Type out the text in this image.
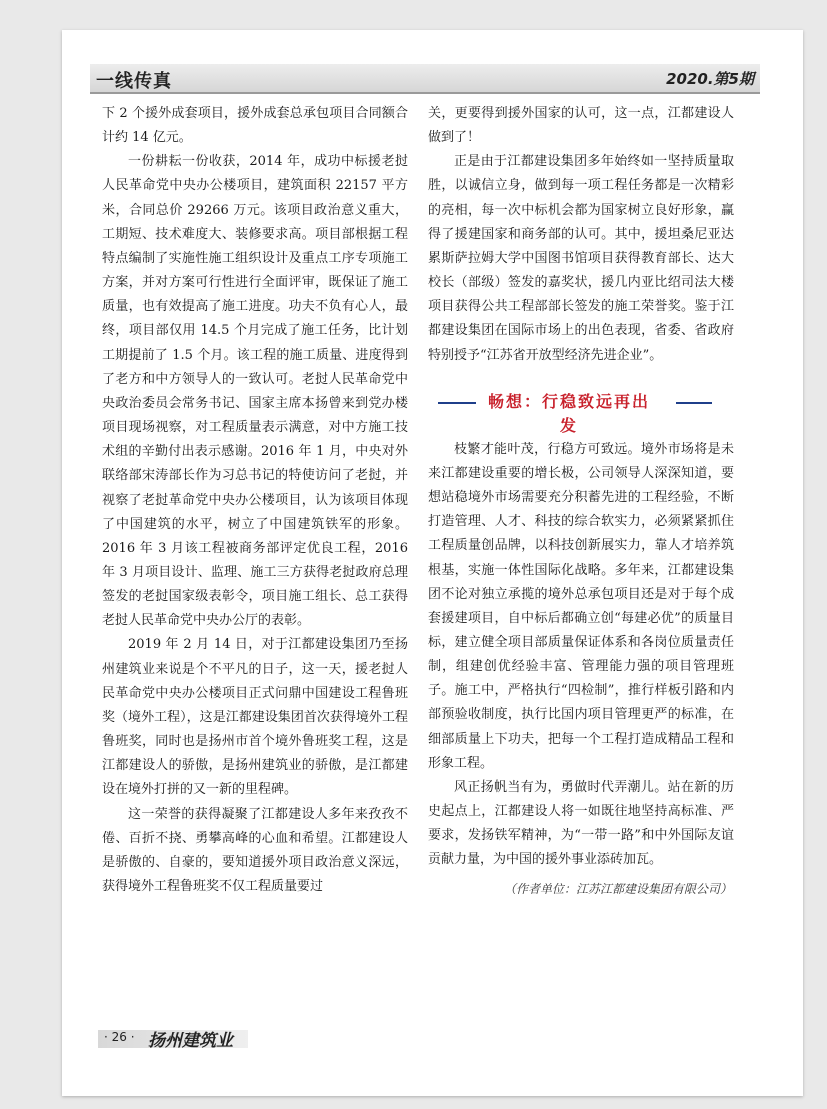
一线传真	2020.第5期

下 2 个援外成套项目，援外成套总承包项目合同额合计约 14 亿元。

一份耕耘一份收获，2014 年，成功中标援老挝人民革命党中央办公楼项目，建筑面积 22157 平方米，合同总价 29266 万元。该项目政治意义重大，工期短、技术难度大、装修要求高。项目部根据工程特点编制了实施性施工组织设计及重点工序专项施工方案，并对方案可行性进行全面评审，既保证了施工质量，也有效提高了施工进度。功夫不负有心人，最终，项目部仅用 14.5 个月完成了施工任务，比计划工期提前了 1.5 个月。该工程的施工质量、进度得到了老方和中方领导人的一致认可。老挝人民革命党中央政治委员会常务书记、国家主席本扬曾来到党办楼项目现场视察，对工程质量表示满意，对中方施工技术组的辛勤付出表示感谢。2016 年 1 月，中央对外联络部宋涛部长作为习总书记的特使访问了老挝，并视察了老挝革命党中央办公楼项目，认为该项目体现了中国建筑的水平，树立了中国建筑铁军的形象。2016 年 3 月该工程被商务部评定优良工程，2016 年 3 月项目设计、监理、施工三方获得老挝政府总理签发的老挝国家级表彰令，项目施工组长、总工获得老挝人民革命党中央办公厅的表彰。

2019 年 2 月 14 日，对于江都建设集团乃至扬州建筑业来说是个不平凡的日子，这一天，援老挝人民革命党中央办公楼项目正式问鼎中国建设工程鲁班奖（境外工程），这是江都建设集团首次获得境外工程鲁班奖，同时也是扬州市首个境外鲁班奖工程，这是江都建设人的骄傲，是扬州建筑业的骄傲，是江都建设在境外打拼的又一新的里程碑。

这一荣誉的获得凝聚了江都建设人多年来孜孜不倦、百折不挠、勇攀高峰的心血和希望。江都建设人是骄傲的、自豪的，要知道援外项目政治意义深远，获得境外工程鲁班奖不仅工程质量要过

关，更要得到援外国家的认可，这一点，江都建设人做到了！

正是由于江都建设集团多年始终如一坚持质量取胜，以诚信立身，做到每一项工程任务都是一次精彩的亮相，每一次中标机会都为国家树立良好形象，赢得了援建国家和商务部的认可。其中，援坦桑尼亚达累斯萨拉姆大学中国图书馆项目获得教育部长、达大校长（部级）签发的嘉奖状，援几内亚比绍司法大楼项目获得公共工程部部长签发的施工荣誉奖。鉴于江都建设集团在国际市场上的出色表现，省委、省政府特别授予“江苏省开放型经济先进企业”。

畅想：行稳致远再出发

枝繁才能叶茂，行稳方可致远。境外市场将是未来江都建设重要的增长极，公司领导人深深知道，要想站稳境外市场需要充分积蓄先进的工程经验，不断打造管理、人才、科技的综合软实力，必须紧紧抓住工程质量创品牌，以科技创新展实力，靠人才培养筑根基，实施一体性国际化战略。多年来，江都建设集团不论对独立承揽的境外总承包项目还是对于每个成套援建项目，自中标后都确立创“每建必优”的质量目标，建立健全项目部质量保证体系和各岗位质量责任制，组建创优经验丰富、管理能力强的项目管理班子。施工中，严格执行“四检制”，推行样板引路和内部预验收制度，执行比国内项目管理更严的标准，在细部质量上下功夫，把每一个工程打造成精品工程和形象工程。

风正扬帆当有为，勇做时代弄潮儿。站在新的历史起点上，江都建设人将一如既往地坚持高标准、严要求，发扬铁军精神，为“一带一路”和中外国际友谊贡献力量，为中国的援外事业添砖加瓦。

（作者单位：江苏江都建设集团有限公司）
· 26 · 扬州建筑业
